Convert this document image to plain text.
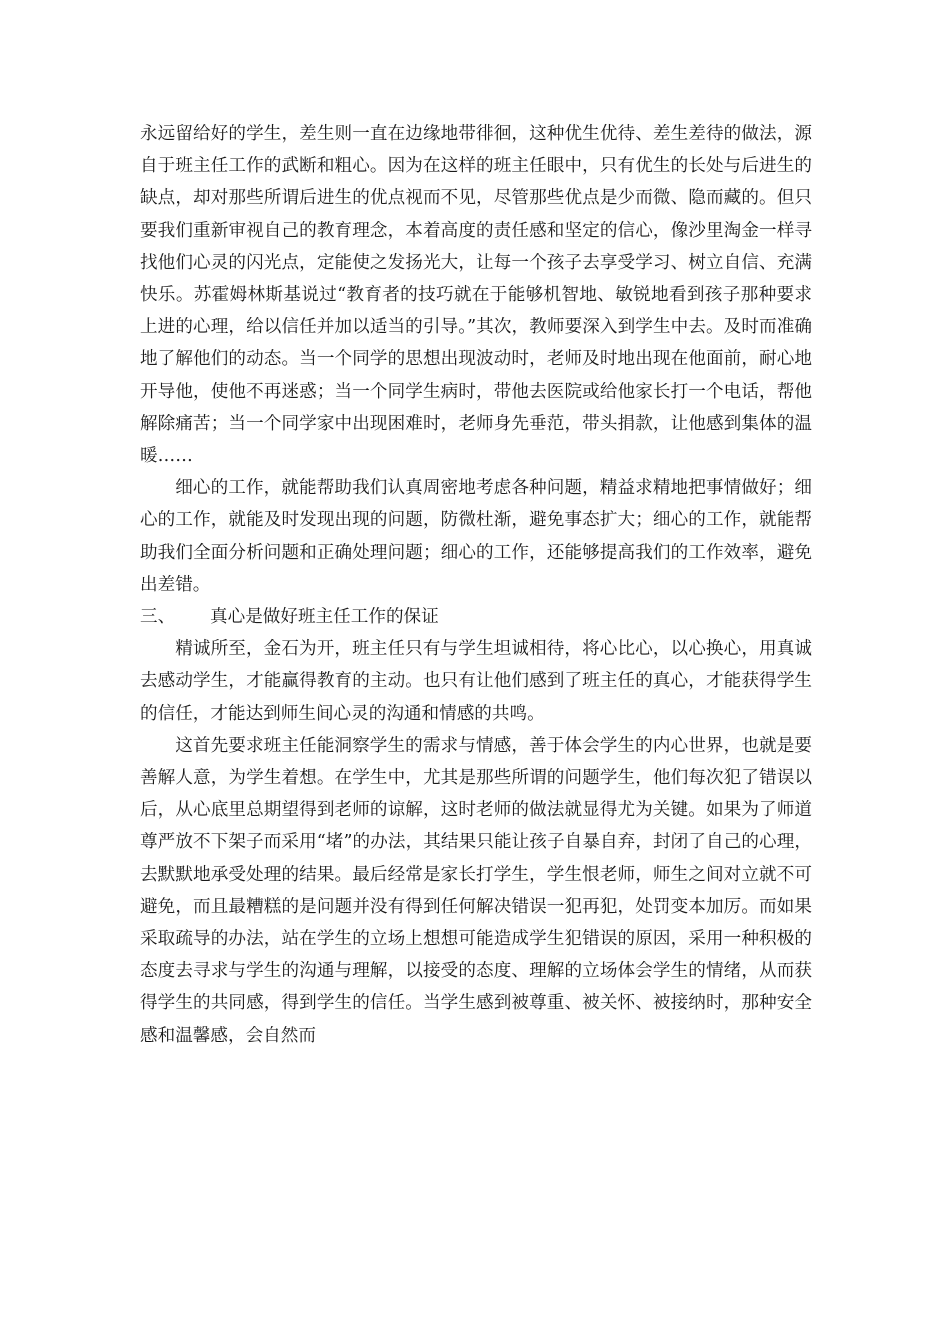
永远留给好的学生，差生则一直在边缘地带徘徊，这种优生优待、差生差待的做法，源自于班主任工作的武断和粗心。因为在这样的班主任眼中，只有优生的长处与后进生的缺点，却对那些所谓后进生的优点视而不见，尽管那些优点是少而微、隐而藏的。但只要我们重新审视自己的教育理念，本着高度的责任感和坚定的信心，像沙里淘金一样寻找他们心灵的闪光点，定能使之发扬光大，让每一个孩子去享受学习、树立自信、充满快乐。苏霍姆林斯基说过“教育者的技巧就在于能够机智地、敏锐地看到孩子那种要求上进的心理，给以信任并加以适当的引导。”其次，教师要深入到学生中去。及时而准确地了解他们的动态。当一个同学的思想出现波动时，老师及时地出现在他面前，耐心地开导他，使他不再迷惑；当一个同学生病时，带他去医院或给他家长打一个电话，帮他解除痛苦；当一个同学家中出现困难时，老师身先垂范，带头捐款，让他感到集体的温暖……

细心的工作，就能帮助我们认真周密地考虑各种问题，精益求精地把事情做好；细心的工作，就能及时发现出现的问题，防微杜渐，避免事态扩大；细心的工作，就能帮助我们全面分析问题和正确处理问题；细心的工作，还能够提高我们的工作效率，避免出差错。

三、	真心是做好班主任工作的保证

精诚所至，金石为开，班主任只有与学生坦诚相待，将心比心，以心换心，用真诚去感动学生，才能赢得教育的主动。也只有让他们感到了班主任的真心，才能获得学生的信任，才能达到师生间心灵的沟通和情感的共鸣。

这首先要求班主任能洞察学生的需求与情感，善于体会学生的内心世界，也就是要善解人意，为学生着想。在学生中，尤其是那些所谓的问题学生，他们每次犯了错误以后，从心底里总期望得到老师的谅解，这时老师的做法就显得尤为关键。如果为了师道尊严放不下架子而采用“堵”的办法，其结果只能让孩子自暴自弃，封闭了自己的心理，去默默地承受处理的结果。最后经常是家长打学生，学生恨老师，师生之间对立就不可避免，而且最糟糕的是问题并没有得到任何解决错误一犯再犯，处罚变本加厉。而如果采取疏导的办法，站在学生的立场上想想可能造成学生犯错误的原因，采用一种积极的态度去寻求与学生的沟通与理解，以接受的态度、理解的立场体会学生的情绪，从而获得学生的共同感，得到学生的信任。当学生感到被尊重、被关怀、被接纳时，那种安全感和温馨感，会自然而
